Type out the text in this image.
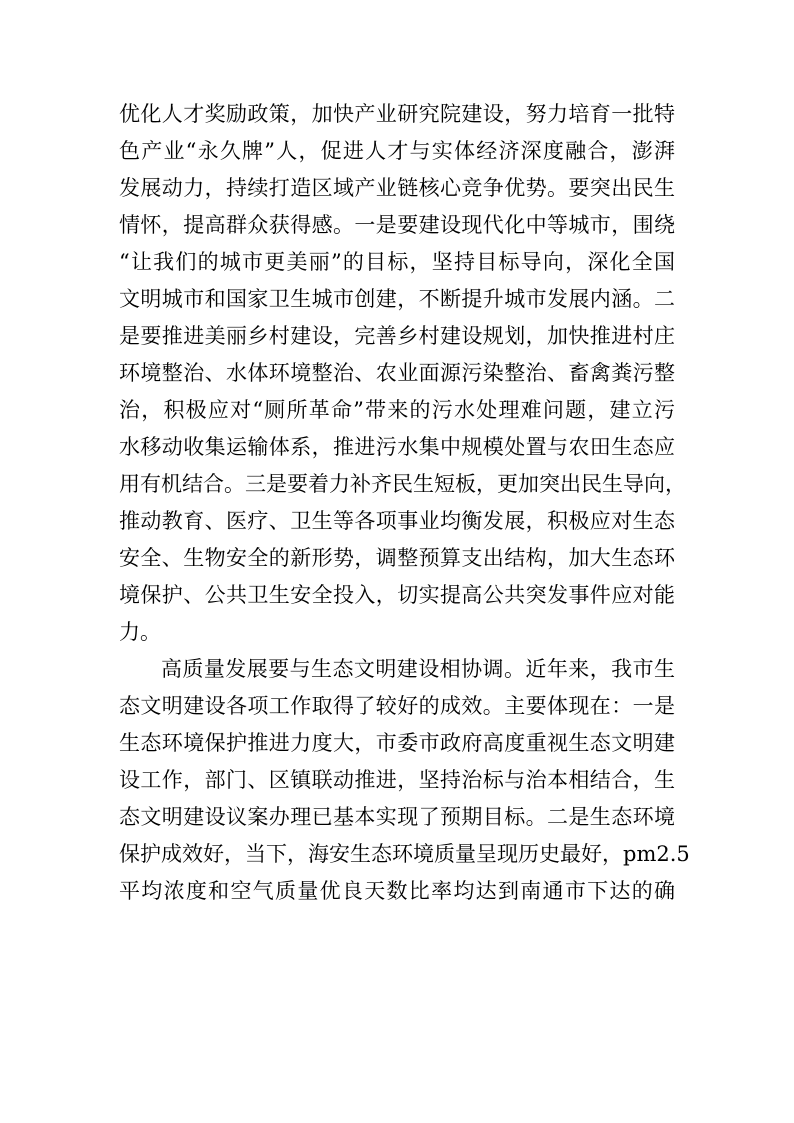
优化人才奖励政策，加快产业研究院建设，努力培育一批特
色产业“永久牌”人，促进人才与实体经济深度融合，澎湃
发展动力，持续打造区域产业链核心竞争优势。要突出民生
情怀，提高群众获得感。一是要建设现代化中等城市，围绕
“让我们的城市更美丽”的目标，坚持目标导向，深化全国
文明城市和国家卫生城市创建，不断提升城市发展内涵。二
是要推进美丽乡村建设，完善乡村建设规划，加快推进村庄
环境整治、水体环境整治、农业面源污染整治、畜禽粪污整
治，积极应对“厕所革命”带来的污水处理难问题，建立污
水移动收集运输体系，推进污水集中规模处置与农田生态应
用有机结合。三是要着力补齐民生短板，更加突出民生导向，
推动教育、医疗、卫生等各项事业均衡发展，积极应对生态
安全、生物安全的新形势，调整预算支出结构，加大生态环
境保护、公共卫生安全投入，切实提高公共突发事件应对能
力。
高质量发展要与生态文明建设相协调。近年来，我市生
态文明建设各项工作取得了较好的成效。主要体现在：一是
生态环境保护推进力度大，市委市政府高度重视生态文明建
设工作，部门、区镇联动推进，坚持治标与治本相结合，生
态文明建设议案办理已基本实现了预期目标。二是生态环境
保护成效好，当下，海安生态环境质量呈现历史最好，pm2.5
平均浓度和空气质量优良天数比率均达到南通市下达的确
